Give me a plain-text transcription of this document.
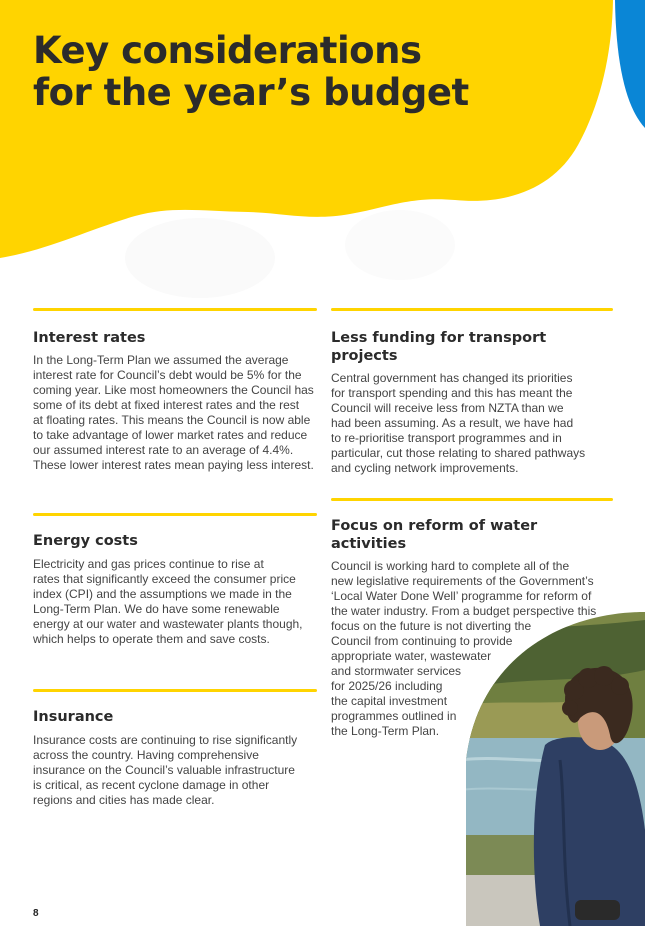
Key considerations
for the year’s budget
Interest rates

In the Long-Term Plan we assumed the average
interest rate for Council’s debt would be 5% for the
coming year. Like most homeowners the Council has
some of its debt at fixed interest rates and the rest
at floating rates. This means the Council is now able
to take advantage of lower market rates and reduce
our assumed interest rate to an average of 4.4%.
These lower interest rates mean paying less interest.

Less funding for transport projects

Central government has changed its priorities
for transport spending and this has meant the
Council will receive less from NZTA than we
had been assuming. As a result, we have had
to re-prioritise transport programmes and in
particular, cut those relating to shared pathways
and cycling network improvements.

Energy costs

Electricity and gas prices continue to rise at
rates that significantly exceed the consumer price
index (CPI) and the assumptions we made in the
Long-Term Plan. We do have some renewable
energy at our water and wastewater plants though,
which helps to operate them and save costs.

Focus on reform of water activities

Council is working hard to complete all of the
new legislative requirements of the Government’s
‘Local Water Done Well’ programme for reform of
the water industry. From a budget perspective this
focus on the future is not diverting the
Council from continuing to provide
appropriate water, wastewater
and stormwater services
for 2025/26 including
the capital investment
programmes outlined in
the Long-Term Plan.

Insurance

Insurance costs are continuing to rise significantly
across the country. Having comprehensive
insurance on the Council’s valuable infrastructure
is critical, as recent cyclone damage in other
regions and cities has made clear.

8
